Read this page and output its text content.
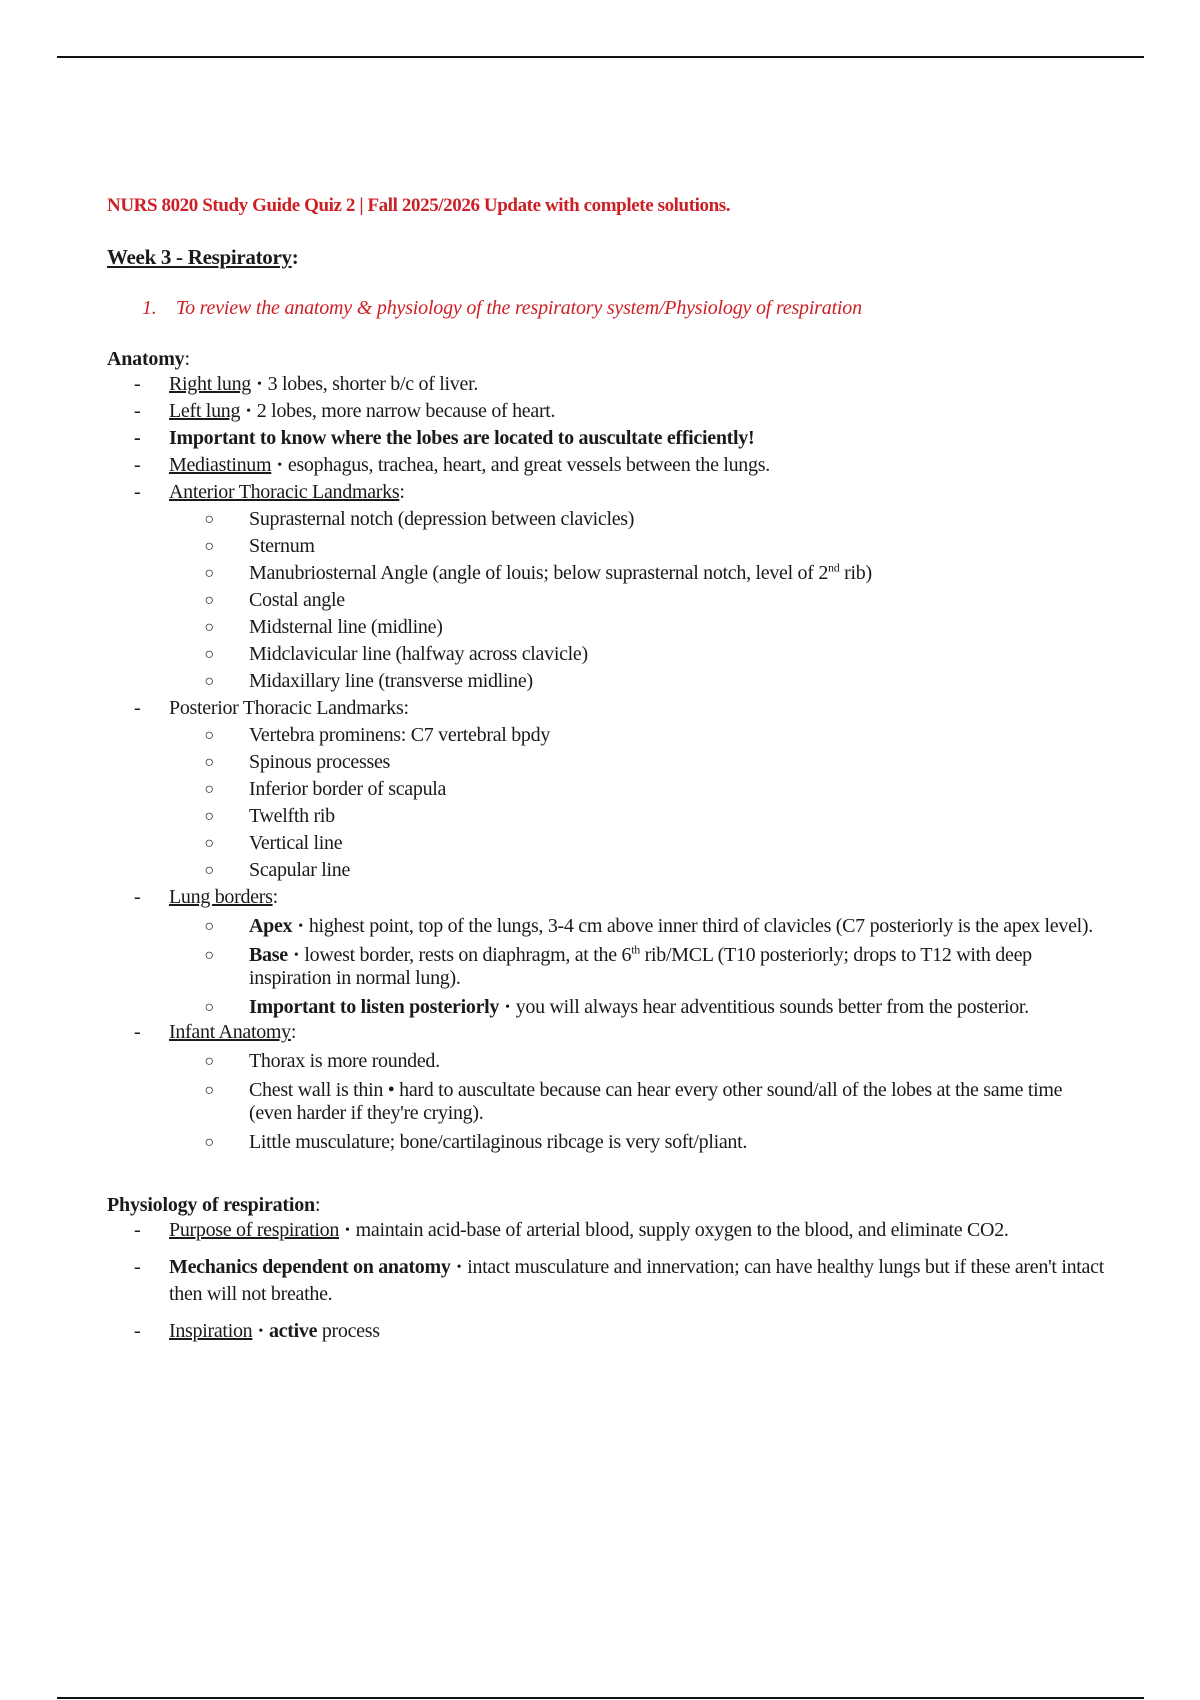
NURS 8020 Study Guide Quiz 2 | Fall 2025/2026 Update with complete solutions.

Week 3 - Respiratory:
1. To review the anatomy & physiology of the respiratory system/Physiology of respiration
Anatomy:
- Right lung • 3 lobes, shorter b/c of liver.
- Left lung • 2 lobes, more narrow because of heart.
- Important to know where the lobes are located to auscultate efficiently!
- Mediastinum • esophagus, trachea, heart, and great vessels between the lungs.
- Anterior Thoracic Landmarks:
○	Suprasternal notch (depression between clavicles)
○	Sternum
○	Manubriosternal Angle (angle of louis; below suprasternal notch, level of 2nd rib)
○	Costal angle
○	Midsternal line (midline)
○	Midclavicular line (halfway across clavicle)
○	Midaxillary line (transverse midline)
- Posterior Thoracic Landmarks:
○	Vertebra prominens: C7 vertebral bpdy
○	Spinous processes
○	Inferior border of scapula
○	Twelfth rib
○	Vertical line
○	Scapular line
- Lung borders:
○	Apex • highest point, top of the lungs, 3-4 cm above inner third of clavicles (C7 posteriorly is the apex level).
○	Base • lowest border, rests on diaphragm, at the 6th rib/MCL (T10 posteriorly; drops to T12 with deep inspiration in normal lung).
○	Important to listen posteriorly • you will always hear adventitious sounds better from the posterior.
- Infant Anatomy:
○	Thorax is more rounded.
○	Chest wall is thin • hard to auscultate because can hear every other sound/all of the lobes at the same time (even harder if they're crying).
○	Little musculature; bone/cartilaginous ribcage is very soft/pliant.
Physiology of respiration:
- Purpose of respiration • maintain acid-base of arterial blood, supply oxygen to the blood, and eliminate CO2.
- Mechanics dependent on anatomy • intact musculature and innervation; can have healthy lungs but if these aren't intact then will not breathe.
- Inspiration • active process
